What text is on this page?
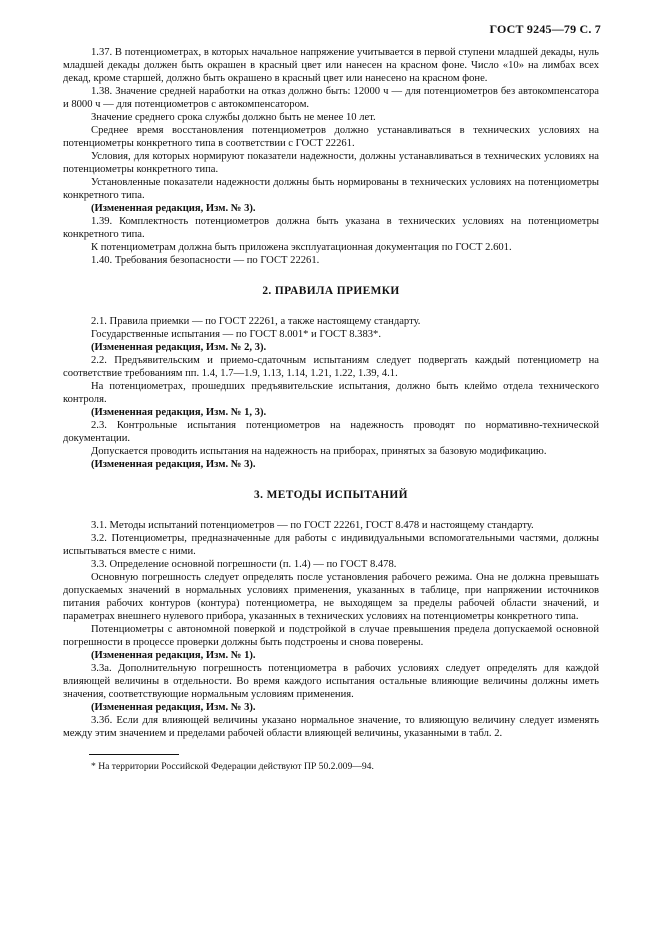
ГОСТ 9245—79 С. 7

1.37. В потенциометрах, в которых начальное напряжение учитывается в первой ступени младшей декады, нуль младшей декады должен быть окрашен в красный цвет или нанесен на красном фоне. Число «10» на лимбах всех декад, кроме старшей, должно быть окрашено в красный цвет или нанесено на красном фоне.

1.38. Значение средней наработки на отказ должно быть: 12000 ч — для потенциометров без автокомпенсатора и 8000 ч — для потенциометров с автокомпенсатором.

Значение среднего срока службы должно быть не менее 10 лет.

Среднее время восстановления потенциометров должно устанавливаться в технических условиях на потенциометры конкретного типа в соответствии с ГОСТ 22261.

Условия, для которых нормируют показатели надежности, должны устанавливаться в технических условиях на потенциометры конкретного типа.

Установленные показатели надежности должны быть нормированы в технических условиях на потенциометры конкретного типа.

(Измененная редакция, Изм. № 3).

1.39. Комплектность потенциометров должна быть указана в технических условиях на потенциометры конкретного типа.

К потенциометрам должна быть приложена эксплуатационная документация по ГОСТ 2.601.

1.40. Требования безопасности — по ГОСТ 22261.

2. ПРАВИЛА ПРИЕМКИ

2.1. Правила приемки — по ГОСТ 22261, а также настоящему стандарту.

Государственные испытания — по ГОСТ 8.001* и ГОСТ 8.383*.

(Измененная редакция, Изм. № 2, 3).

2.2. Предъявительским и приемо-сдаточным испытаниям следует подвергать каждый потенциометр на соответствие требованиям пп. 1.4, 1.7—1.9, 1.13, 1.14, 1.21, 1.22, 1.39, 4.1.

На потенциометрах, прошедших предъявительские испытания, должно быть клеймо отдела технического контроля.

(Измененная редакция, Изм. № 1, 3).

2.3. Контрольные испытания потенциометров на надежность проводят по нормативно-технической документации.

Допускается проводить испытания на надежность на приборах, принятых за базовую модификацию.

(Измененная редакция, Изм. № 3).

3. МЕТОДЫ ИСПЫТАНИЙ

3.1. Методы испытаний потенциометров — по ГОСТ 22261, ГОСТ 8.478 и настоящему стандарту.

3.2. Потенциометры, предназначенные для работы с индивидуальными вспомогательными частями, должны испытываться вместе с ними.

3.3. Определение основной погрешности (п. 1.4) — по ГОСТ 8.478.

Основную погрешность следует определять после установления рабочего режима. Она не должна превышать допускаемых значений в нормальных условиях применения, указанных в таблице, при напряжении источников питания рабочих контуров (контура) потенциометра, не выходящем за пределы рабочей области значений, и параметрах внешнего нулевого прибора, указанных в технических условиях на потенциометры конкретного типа.

Потенциометры с автономной поверкой и подстройкой в случае превышения предела допускаемой основной погрешности в процессе проверки должны быть подстроены и снова поверены.

(Измененная редакция, Изм. № 1).

3.3а. Дополнительную погрешность потенциометра в рабочих условиях следует определять для каждой влияющей величины в отдельности. Во время каждого испытания остальные влияющие величины должны иметь значения, соответствующие нормальным условиям применения.

(Измененная редакция, Изм. № 3).

3.3б. Если для влияющей величины указано нормальное значение, то влияющую величину следует изменять между этим значением и пределами рабочей области влияющей величины, указанными в табл. 2.

* На территории Российской Федерации действуют ПР 50.2.009—94.
